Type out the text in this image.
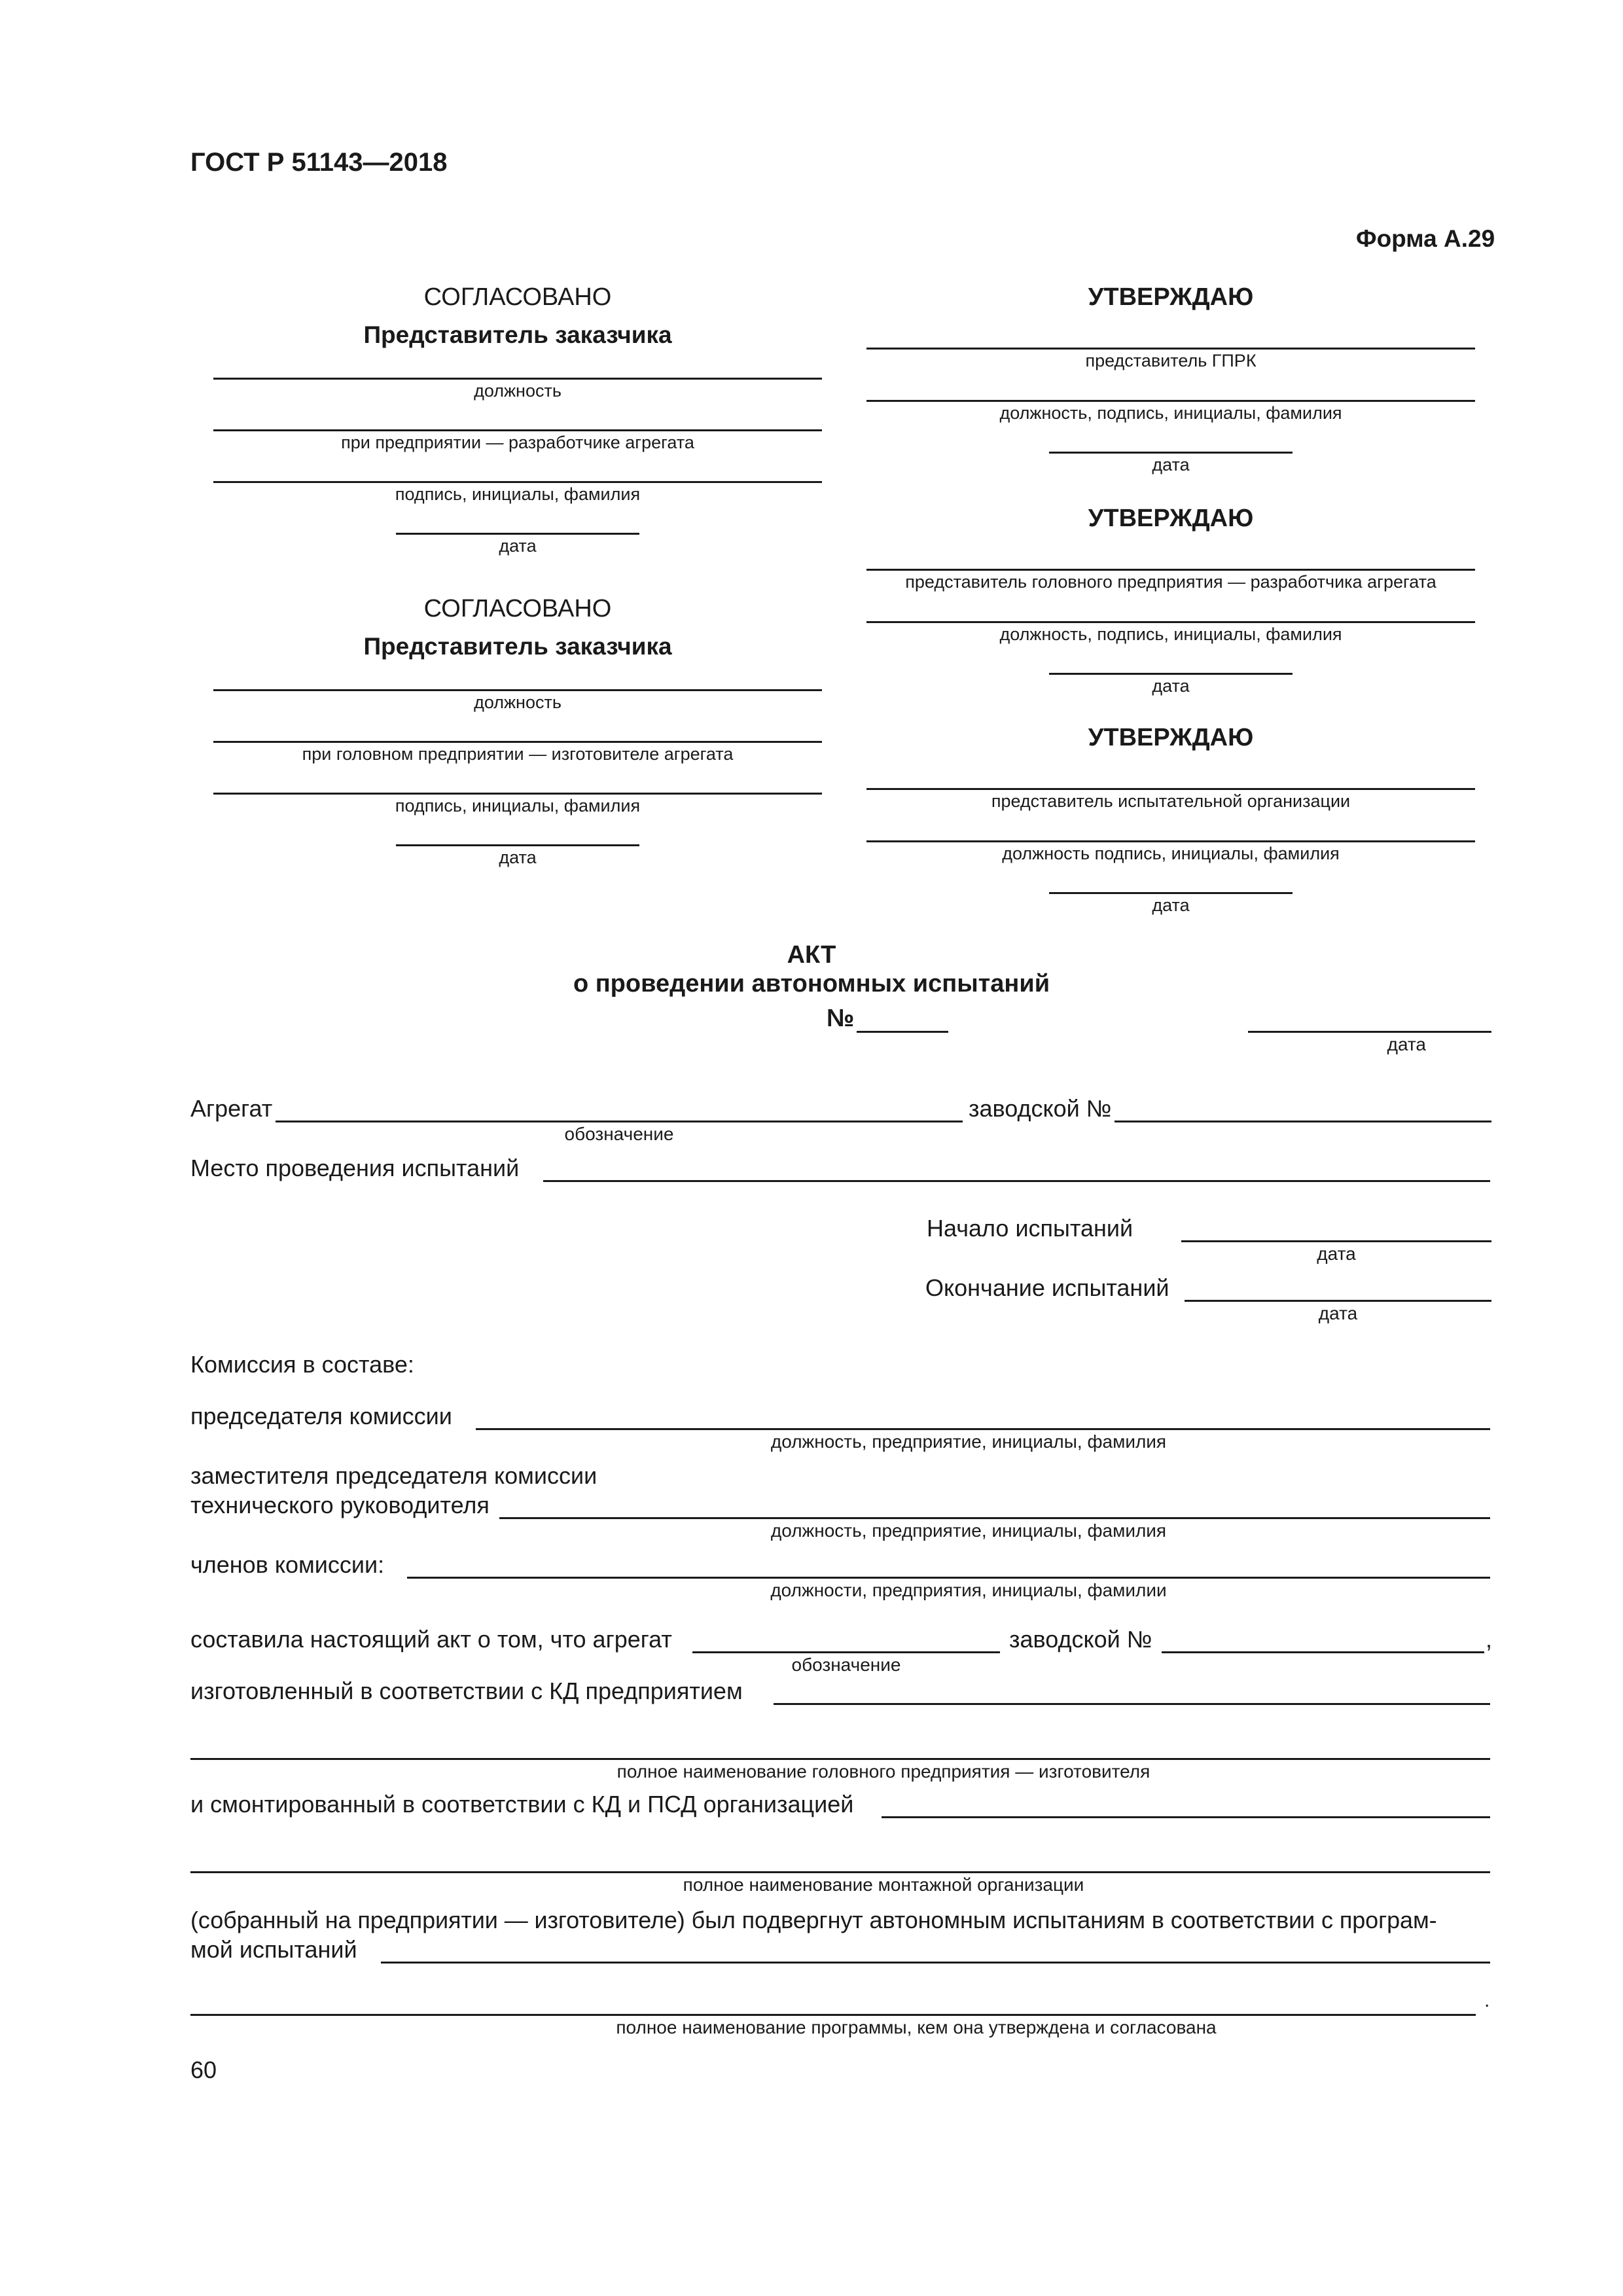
ГОСТ Р 51143—2018
Форма А.29
СОГЛАСОВАНО
Представитель заказчика
должность
при предприятии — разработчике агрегата
подпись, инициалы, фамилия
дата
СОГЛАСОВАНО
Представитель заказчика
должность
при головном предприятии — изготовителе агрегата
подпись, инициалы, фамилия
дата
УТВЕРЖДАЮ
представитель ГПРК
должность, подпись, инициалы, фамилия
дата
УТВЕРЖДАЮ
представитель головного предприятия — разработчика агрегата
должность, подпись, инициалы, фамилия
дата
УТВЕРЖДАЮ
представитель испытательной организации
должность подпись, инициалы, фамилия
дата
АКТ
о проведении автономных испытаний
№
дата
Агрегат
обозначение
заводской №
Место проведения испытаний
Начало испытаний
дата
Окончание испытаний
дата
Комиссия в составе:
председателя комиссии
должность, предприятие, инициалы, фамилия
заместителя председателя комиссии
технического руководителя
должность, предприятие, инициалы, фамилия
членов комиссии:
должности, предприятия, инициалы, фамилии
составила настоящий акт о том, что агрегат
обозначение
заводской №	,
изготовленный в соответствии с КД предприятием
полное наименование головного предприятия — изготовителя
и смонтированный в соответствии с КД и ПСД организацией
полное наименование монтажной организации
(собранный на предприятии — изготовителе) был подвергнут автономным испытаниям в соответствии с програм-
мой испытаний
.
полное наименование программы, кем она утверждена и согласована
60
